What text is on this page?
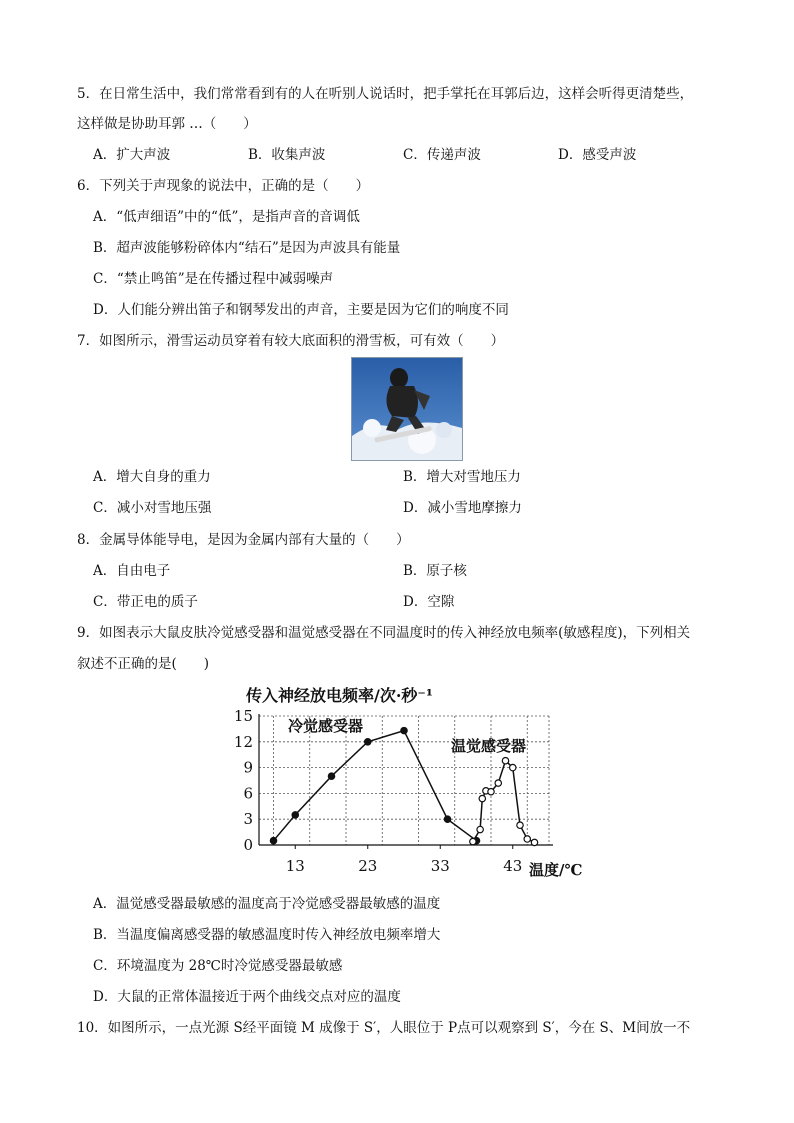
5．在日常生活中，我们常常看到有的人在听别人说话时，把手掌托在耳郭后边，这样会听得更清楚些，
这样做是协助耳郭 …（　　）
A．扩大声波	B．收集声波	C．传递声波	D．感受声波
6．下列关于声现象的说法中，正确的是（　　）
A．“低声细语”中的“低”，是指声音的音调低
B．超声波能够粉碎体内“结石”是因为声波具有能量
C．“禁止鸣笛”是在传播过程中减弱噪声
D．人们能分辨出笛子和钢琴发出的声音，主要是因为它们的响度不同
7．如图所示，滑雪运动员穿着有较大底面积的滑雪板，可有效（　　）
A．增大自身的重力	B．增大对雪地压力
C．减小对雪地压强	D．减小雪地摩擦力
8．金属导体能导电，是因为金属内部有大量的（　　）
A．自由电子	B．原子核
C．带正电的质子	D．空隙
9．如图表示大鼠皮肤冷觉感受器和温觉感受器在不同温度时的传入神经放电频率(敏感程度)，下列相关
叙述不正确的是(　　)
传入神经放电频率/次·秒⁻¹
0
3
6
9
12
15
13	23	33	43
冷觉感受器
温觉感受器
温度/℃
A．温觉感受器最敏感的温度高于冷觉感受器最敏感的温度
B．当温度偏离感受器的敏感温度时传入神经放电频率增大
C．环境温度为 28℃时冷觉感受器最敏感
D．大鼠的正常体温接近于两个曲线交点对应的温度
10．如图所示，一点光源 S经平面镜 M 成像于 S′，人眼位于 P点可以观察到 S′，今在 S、M间放一不
